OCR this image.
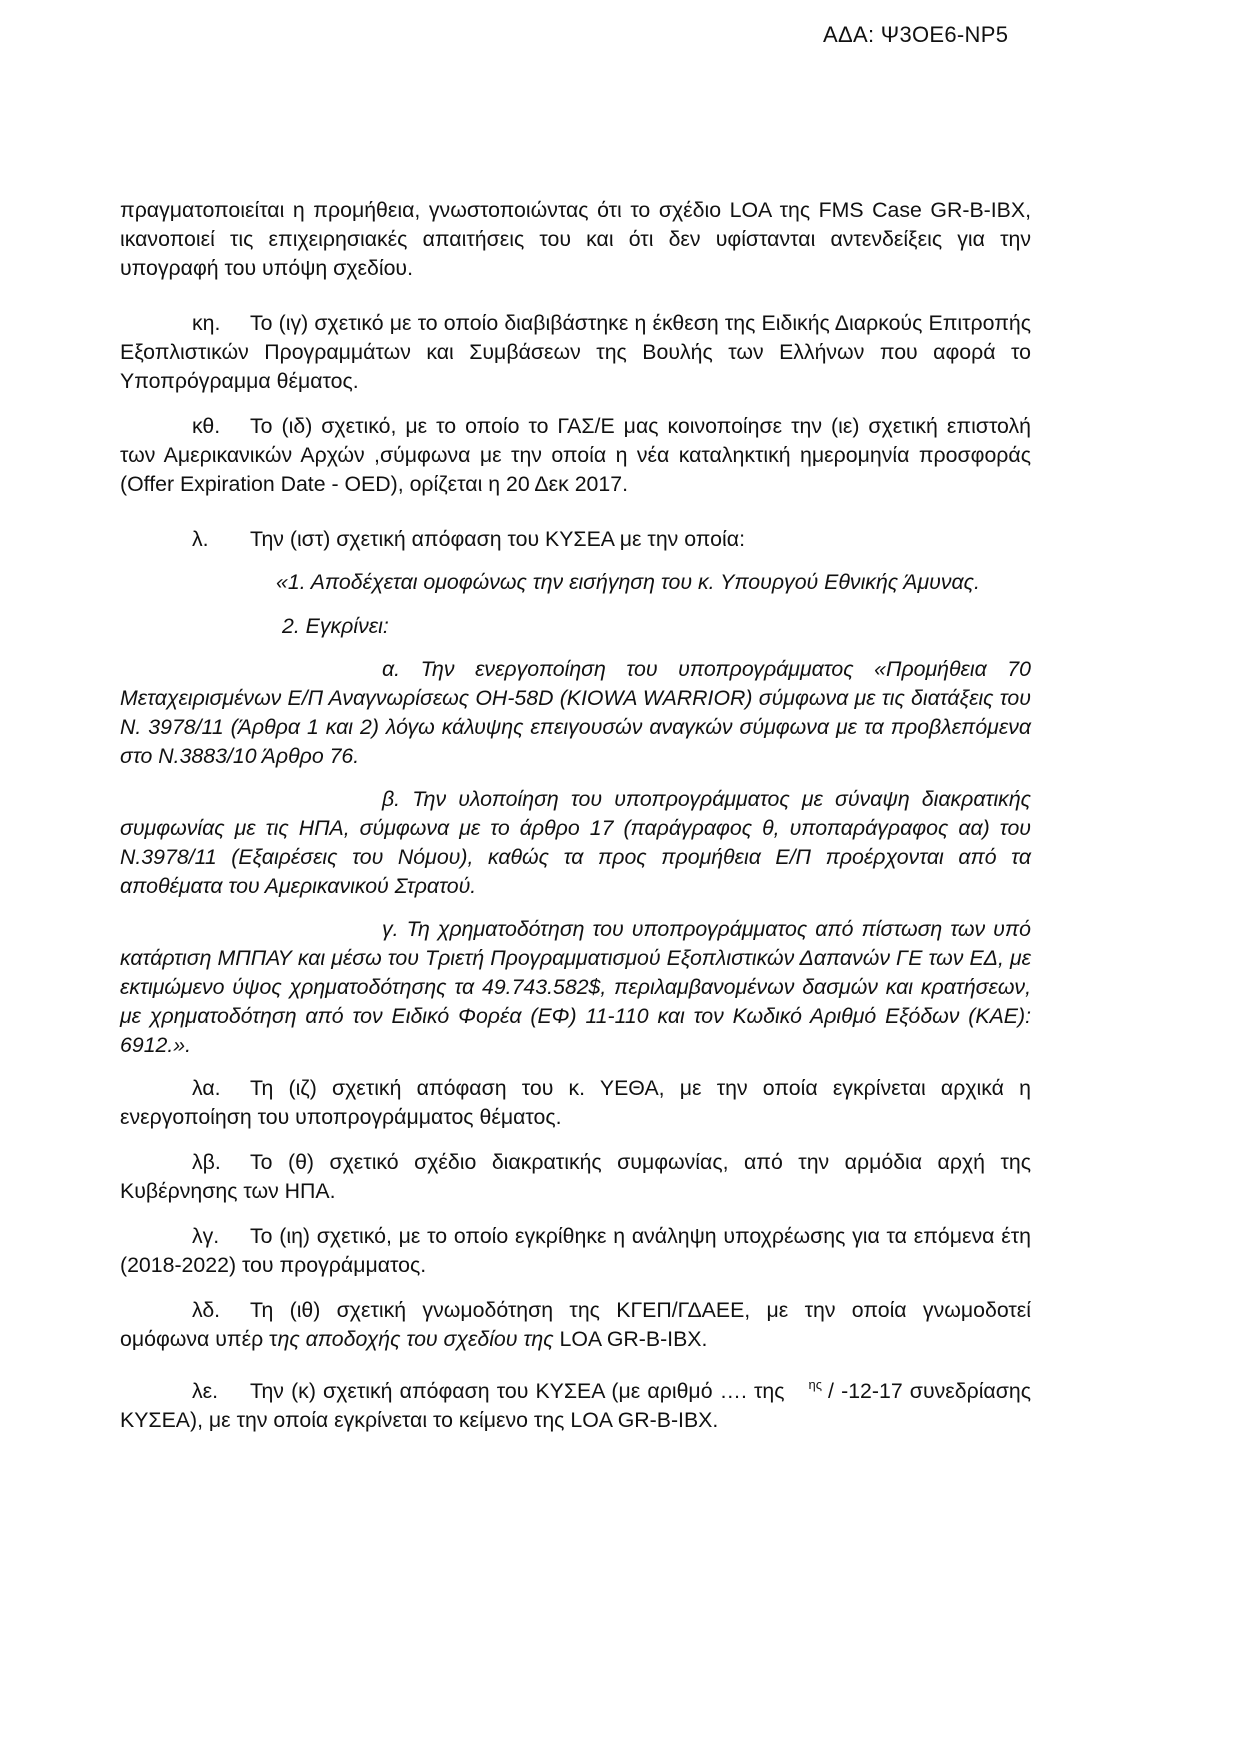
ΑΔΑ: Ψ3ΟΕ6-ΝΡ5

πραγματοποιείται η προμήθεια, γνωστοποιώντας ότι το σχέδιο LOA της FMS Case GR-B-IBX, ικανοποιεί τις επιχειρησιακές απαιτήσεις του και ότι δεν υφίστανται αντενδείξεις για την υπογραφή του υπόψη σχεδίου.

κη. Το (ιγ) σχετικό με το οποίο διαβιβάστηκε η έκθεση της Ειδικής Διαρκούς Επιτροπής Εξοπλιστικών Προγραμμάτων και Συμβάσεων της Βουλής των Ελλήνων που αφορά το Υποπρόγραμμα θέματος.

κθ. Το (ιδ) σχετικό, με το οποίο το ΓΑΣ/Ε μας κοινοποίησε την (ιε) σχετική επιστολή των Αμερικανικών Αρχών ,σύμφωνα με την οποία η νέα καταληκτική ημερομηνία προσφοράς (Offer Expiration Date - OED), ορίζεται η 20 Δεκ 2017.

λ. Την (ιστ) σχετική απόφαση του ΚΥΣΕΑ με την οποία:

«1. Αποδέχεται ομοφώνως την εισήγηση του κ. Υπουργού Εθνικής Άμυνας.

2. Εγκρίνει:

α. Την ενεργοποίηση του υποπρογράμματος «Προμήθεια 70 Μεταχειρισμένων Ε/Π Αναγνωρίσεως OH-58D (KIOWA WARRIOR) σύμφωνα με τις διατάξεις του Ν. 3978/11 (Άρθρα 1 και 2) λόγω κάλυψης επειγουσών αναγκών σύμφωνα με τα προβλεπόμενα στο Ν.3883/10 Άρθρο 76.

β. Την υλοποίηση του υποπρογράμματος με σύναψη διακρατικής συμφωνίας με τις ΗΠΑ, σύμφωνα με το άρθρο 17 (παράγραφος θ, υποπαράγραφος αα) του Ν.3978/11 (Εξαιρέσεις του Νόμου), καθώς τα προς προμήθεια Ε/Π προέρχονται από τα αποθέματα του Αμερικανικού Στρατού.

γ. Τη χρηματοδότηση του υποπρογράμματος από πίστωση των υπό κατάρτιση ΜΠΠΑΥ και μέσω του Τριετή Προγραμματισμού Εξοπλιστικών Δαπανών ΓΕ των ΕΔ, με εκτιμώμενο ύψος χρηματοδότησης τα 49.743.582$, περιλαμβανομένων δασμών και κρατήσεων, με χρηματοδότηση από τον Ειδικό Φορέα (ΕΦ) 11-110 και τον Κωδικό Αριθμό Εξόδων (ΚΑΕ): 6912.».

λα. Τη (ιζ) σχετική απόφαση του κ. ΥΕΘΑ, με την οποία εγκρίνεται αρχικά η ενεργοποίηση του υποπρογράμματος θέματος.

λβ. Το (θ) σχετικό σχέδιο διακρατικής συμφωνίας, από την αρμόδια αρχή της Κυβέρνησης των ΗΠΑ.

λγ. Το (ιη) σχετικό, με το οποίο εγκρίθηκε η ανάληψη υποχρέωσης για τα επόμενα έτη (2018-2022) του προγράμματος.

λδ. Τη (ιθ) σχετική γνωμοδότηση της ΚΓΕΠ/ΓΔΑΕΕ, με την οποία γνωμοδοτεί ομόφωνα υπέρ της αποδοχής του σχεδίου της LOA GR-B-IBX.

λε. Την (κ) σχετική απόφαση του ΚΥΣΕΑ (με αριθμό …. της $^{\eta\varsigma}$ / -12-17 συνεδρίασης ΚΥΣΕΑ), με την οποία εγκρίνεται το κείμενο της LOA GR-B-IBX.
